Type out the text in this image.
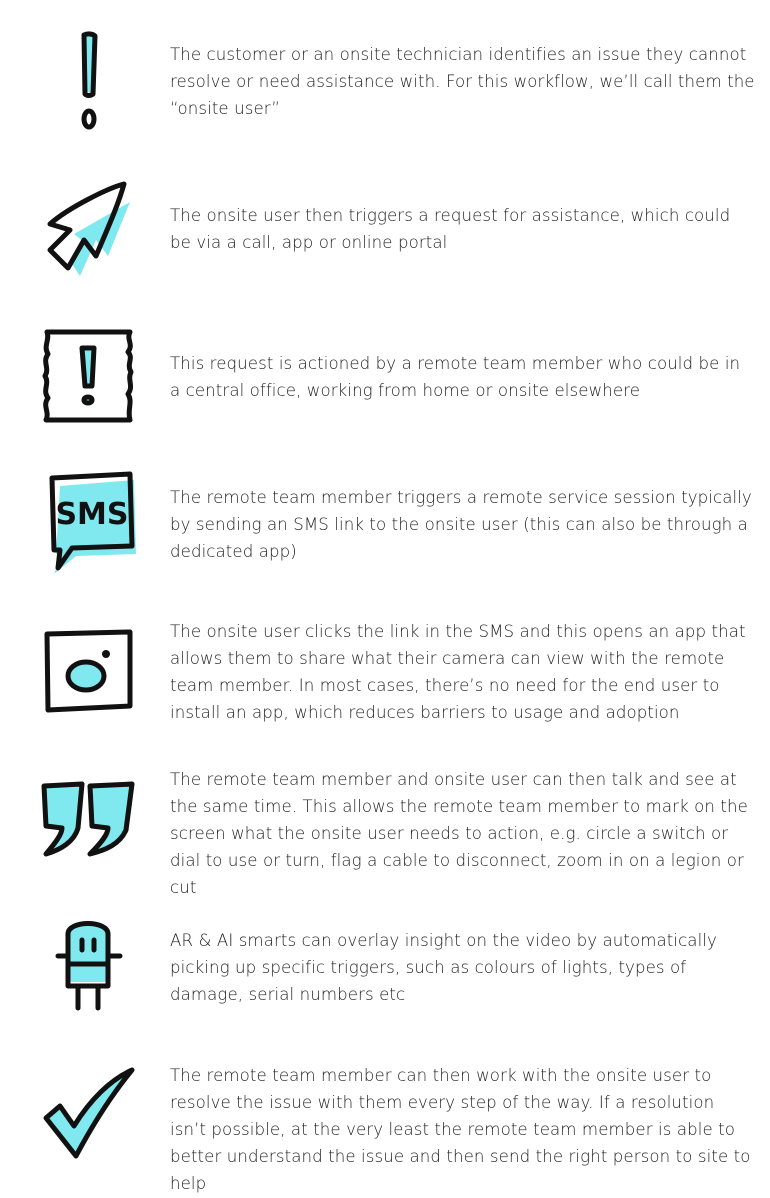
The customer or an onsite technician identifies an issue they cannot resolve or need assistance with. For this workflow, we’ll call them the “onsite user”

The onsite user then triggers a request for assistance, which could be via a call, app or online portal

This request is actioned by a remote team member who could be in a central office, working from home or onsite elsewhere

SMS The remote team member triggers a remote service session typically by sending an SMS link to the onsite user (this can also be through a dedicated app)

The onsite user clicks the link in the SMS and this opens an app that allows them to share what their camera can view with the remote team member. In most cases, there’s no need for the end user to install an app, which reduces barriers to usage and adoption

The remote team member and onsite user can then talk and see at the same time. This allows the remote team member to mark on the screen what the onsite user needs to action, e.g. circle a switch or dial to use or turn, flag a cable to disconnect, zoom in on a legion or cut

AR & AI smarts can overlay insight on the video by automatically picking up specific triggers, such as colours of lights, types of damage, serial numbers etc

The remote team member can then work with the onsite user to resolve the issue with them every step of the way. If a resolution isn’t possible, at the very least the remote team member is able to better understand the issue and then send the right person to site to help
